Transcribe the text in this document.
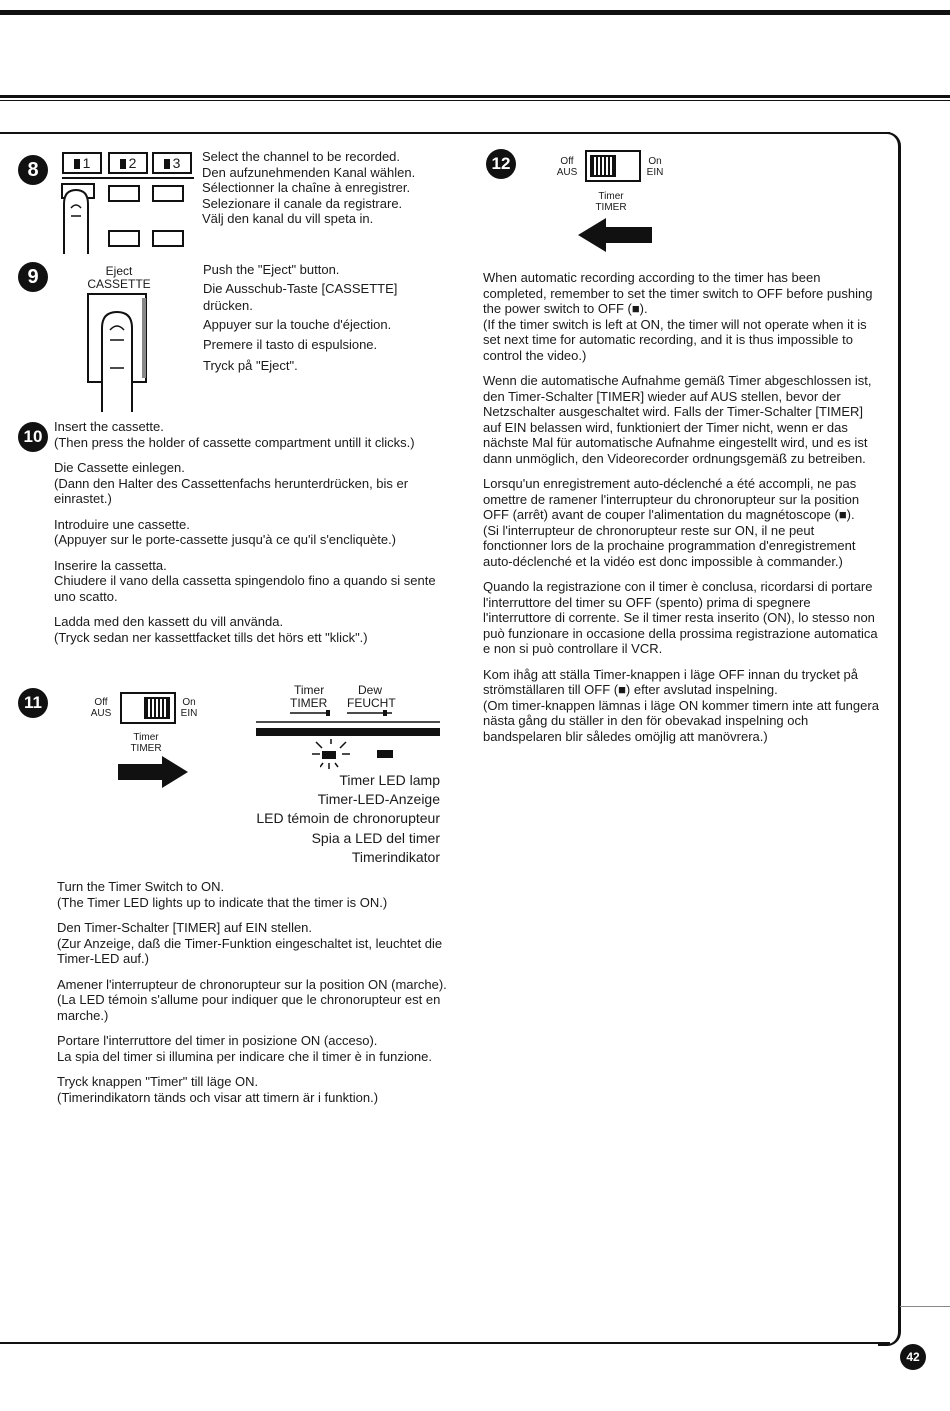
8	1	2	3	Select the channel to be recorded.
Den aufzunehmenden Kanal wählen.
Sélectionner la chaîne à enregistrer.
Selezionare il canale da registrare.
Välj den kanal du vill speta in.
9	Eject
CASSETTE
Push the "Eject" button.
Die Ausschub-Taste [CASSETTE] drücken.
Appuyer sur la touche d'éjection.
Premere il tasto di espulsione.
Tryck på "Eject".
10

Insert the cassette.
(Then press the holder of cassette compartment untill it clicks.)

Die Cassette einlegen.
(Dann den Halter des Cassettenfachs herunterdrücken, bis er einrastet.)

Introduire une cassette.
(Appuyer sur le porte-cassette jusqu'à ce qu'il s'encliquète.)

Inserire la cassetta.
Chiudere il vano della cassetta spingendolo fino a quando si sente uno scatto.

Ladda med den kassett du vill använda.
(Tryck sedan ner kassettfacket tills det hörs ett "klick".)

11	Off
AUS
On
EIN
Timer
TIMER
Timer	Dew
TIMER FEUCHT
Timer LED lamp
Timer-LED-Anzeige
LED témoin de chronorupteur
Spia a LED del timer
Timerindikator

Turn the Timer Switch to ON.
(The Timer LED lights up to indicate that the timer is ON.)

Den Timer-Schalter [TIMER] auf EIN stellen.
(Zur Anzeige, daß die Timer-Funktion eingeschaltet ist, leuchtet die Timer-LED auf.)

Amener l'interrupteur de chronorupteur sur la position ON (marche).
(La LED témoin s'allume pour indiquer que le chronorupteur est en marche.)

Portare l'interruttore del timer in posizione ON (acceso).
La spia del timer si illumina per indicare che il timer è in funzione.

Tryck knappen "Timer" till läge ON.
(Timerindikatorn tänds och visar att timern är i funktion.)

12	Off
AUS
On
EIN
Timer
TIMER

When automatic recording according to the timer has been completed, remember to set the timer switch to OFF before pushing the power switch to OFF (■).
(If the timer switch is left at ON, the timer will not operate when it is set next time for automatic recording, and it is thus impossible to control the video.)

Wenn die automatische Aufnahme gemäß Timer abgeschlossen ist, den Timer-Schalter [TIMER] wieder auf AUS stellen, bevor der Netzschalter ausgeschaltet wird. Falls der Timer-Schalter [TIMER] auf EIN belassen wird, funktioniert der Timer nicht, wenn er das nächste Mal für automatische Aufnahme eingestellt wird, und es ist dann unmöglich, den Videorecorder ordnungsgemäß zu betreiben.

Lorsqu'un enregistrement auto-déclenché a été accompli, ne pas omettre de ramener l'interrupteur du chronorupteur sur la position OFF (arrêt) avant de couper l'alimentation du magnétoscope (■).
(Si l'interrupteur de chronorupteur reste sur ON, il ne peut fonctionner lors de la prochaine programmation d'enregistrement auto-déclenché et la vidéo est donc impossible à commander.)

Quando la registrazione con il timer è conclusa, ricordarsi di portare l'interruttore del timer su OFF (spento) prima di spegnere l'interruttore di corrente. Se il timer resta inserito (ON), lo stesso non può funzionare in occasione della prossima registrazione automatica e non si può controllare il VCR.

Kom ihåg att ställa Timer-knappen i läge OFF innan du trycket på strömställaren till OFF (■) efter avslutad inspelning.
(Om timer-knappen lämnas i läge ON kommer timern inte att fungera nästa gång du ställer in den för obevakad inspelning och bandspelaren blir således omöjlig att manövrera.)

42
